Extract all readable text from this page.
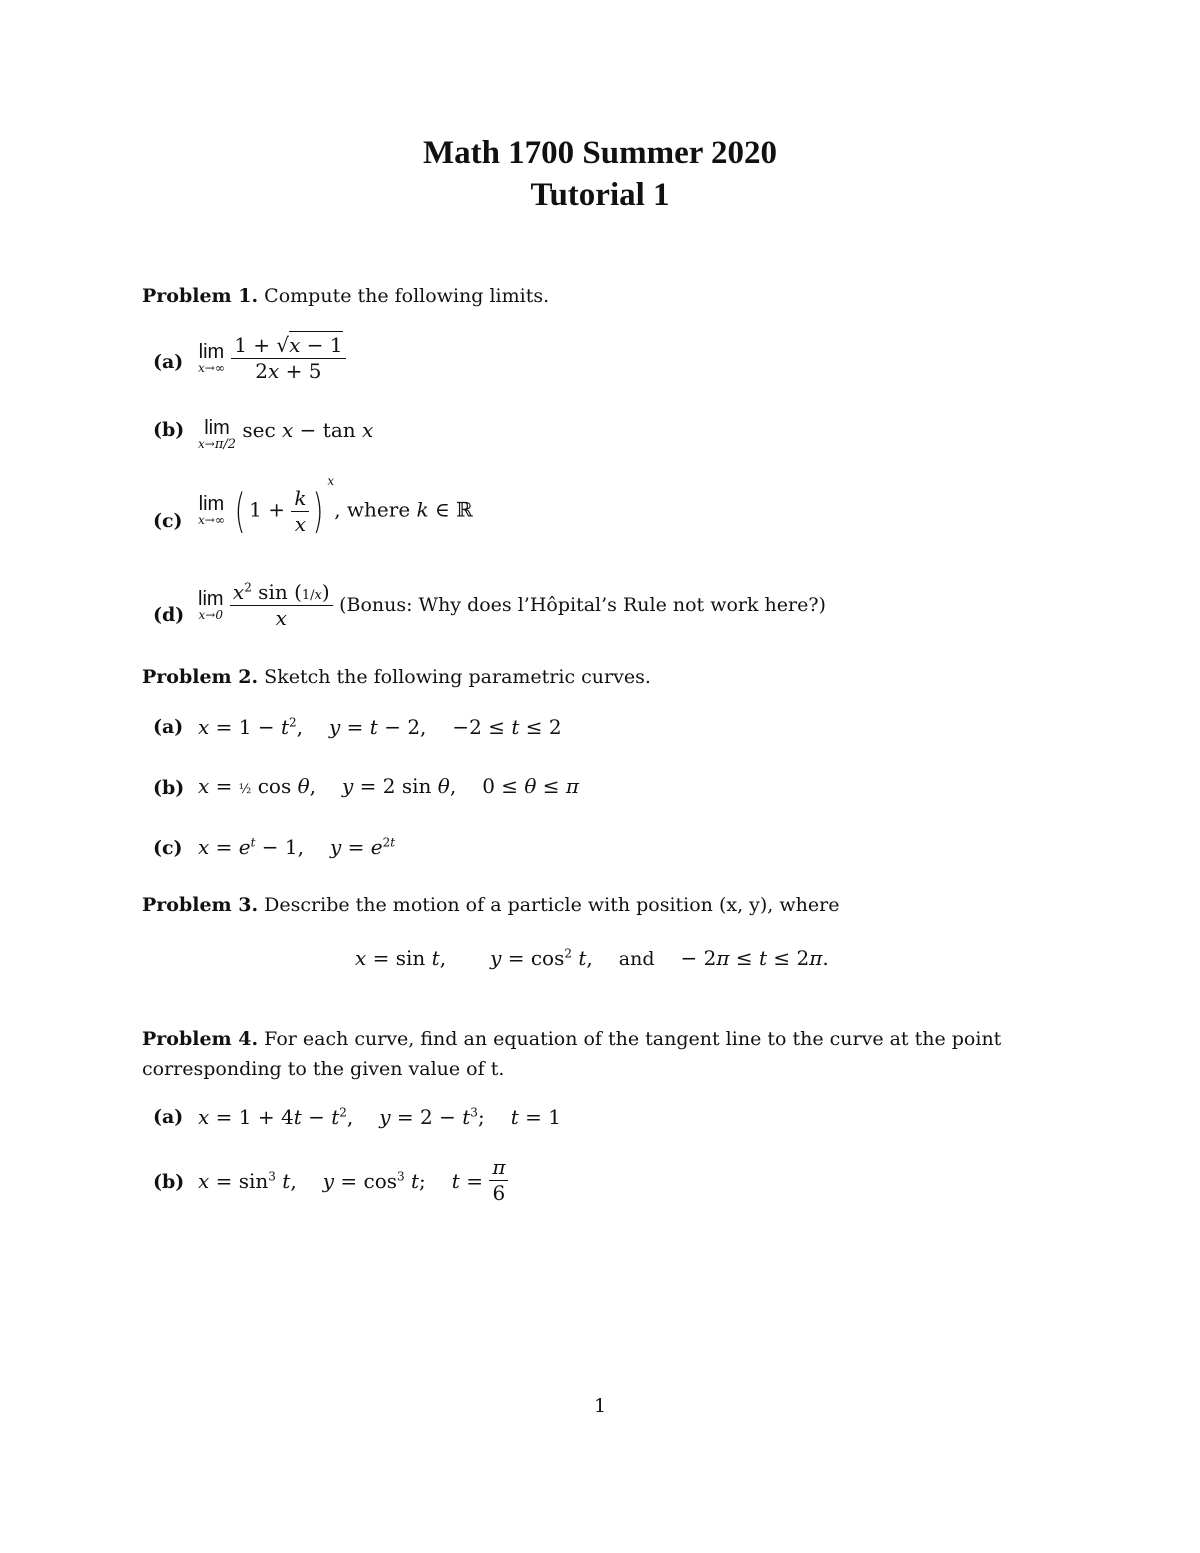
Math 1700 Summer 2020
Tutorial 1
Problem 1. Compute the following limits.
(a) lim
x→∞
$\frac{1 + √x - 1}{2x + 5}$
(b) lim
x→π/2
sec x − tan x
(c)
lim
x→∞ ( $1 + \frac{k}{x} )^x$, where k ∈ ℝ
(d)
lim
x→0
$\frac{x^2 \sin (1/x)}{x}$ (Bonus: Why does l’Hôpital’s Rule not work here?)
Problem 2. Sketch the following parametric curves.
(a) $x = 1 - t^2$, y = t − 2, −2 ≤ t ≤ 2
(b) x = ½ cos θ, y = 2 sin θ, 0 ≤ θ ≤ π
(c) $x = e^t - 1$, $y = e^{2t}$
Problem 3. Describe the motion of a particle with position (x, y), where
x = sin t, $y = \cos^2 t$, and − 2π ≤ t ≤ 2π.
Problem 4. For each curve, find an equation of the tangent line to the curve at the point
corresponding to the given value of t.
(a) $x = 1 + 4t - t^2$, $y = 2 - t^3$; t = 1
(b) $x = \sin^3 t$, $y = \cos^3 t$; $t = \frac{\pi}{6}$
1
